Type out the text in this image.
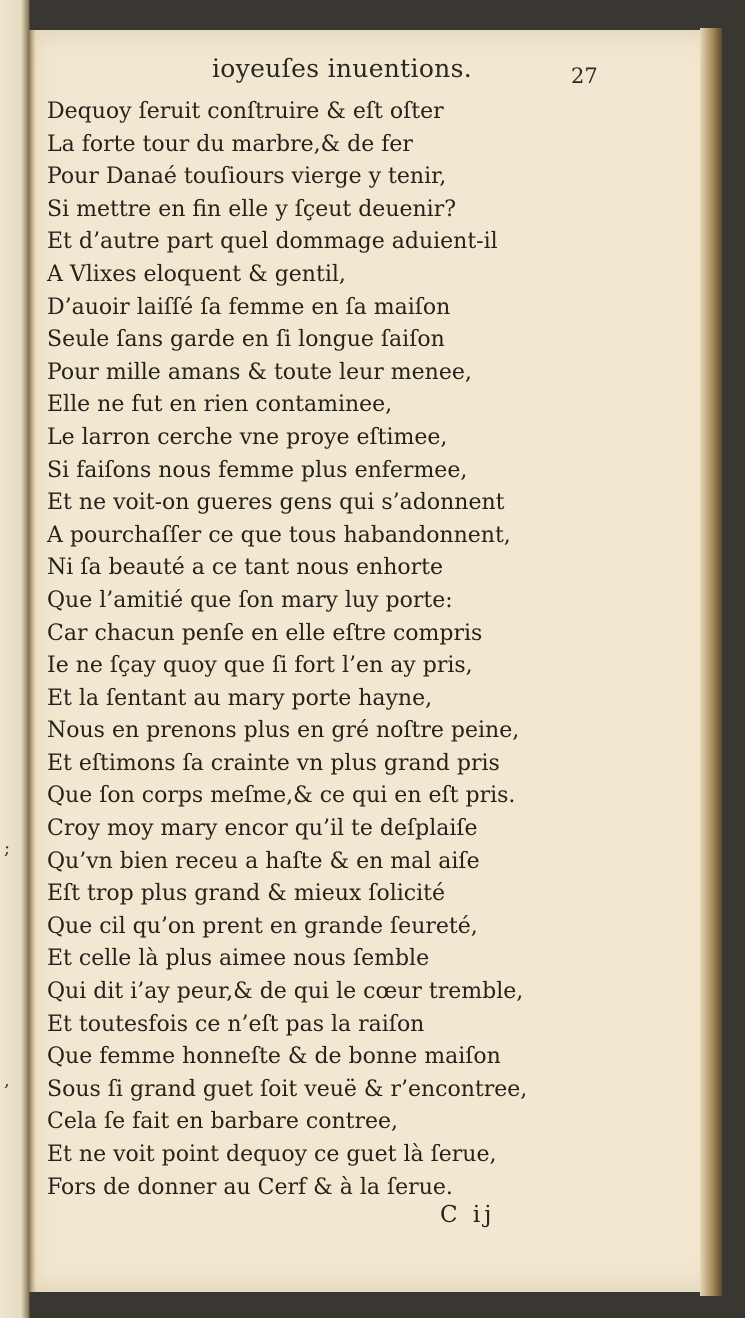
;
,
ioyeuſes inuentions.	27
Dequoy ſeruit conſtruire & eſt oſter
La forte tour du marbre,& de fer
Pour Danaé touſiours vierge y tenir,
Si mettre en fin elle y ſçeut deuenir?
Et d’autre part quel dommage aduient-il
A Vlixes eloquent & gentil,
D’auoir laiſſé ſa femme en ſa maiſon
Seule ſans garde en ſi longue ſaiſon
Pour mille amans & toute leur menee,
Elle ne fut en rien contaminee,
Le larron cerche vne proye eſtimee,
Si faiſons nous femme plus enfermee,
Et ne voit-on gueres gens qui s’adonnent
A pourchaſſer ce que tous habandonnent,
Ni ſa beauté a ce tant nous enhorte
Que l’amitié que ſon mary luy porte:
Car chacun penſe en elle eſtre compris
Ie ne ſçay quoy que ſi fort l’en ay pris,
Et la ſentant au mary porte hayne,
Nous en prenons plus en gré noſtre peine,
Et eſtimons ſa crainte vn plus grand pris
Que ſon corps meſme,& ce qui en eſt pris.
Croy moy mary encor qu’il te deſplaiſe
Qu’vn bien receu a haſte & en mal aiſe
Eſt trop plus grand & mieux ſolicité
Que cil qu’on prent en grande ſeureté,
Et celle là plus aimee nous ſemble
Qui dit i’ay peur,& de qui le cœur tremble,
Et toutesfois ce n’eſt pas la raiſon
Que femme honneſte & de bonne maiſon
Sous ſi grand guet ſoit veuë & r’encontree,
Cela ſe fait en barbare contree,
Et ne voit point dequoy ce guet là ſerue,
Fors de donner au Cerf & à la ſerue.
C ij
